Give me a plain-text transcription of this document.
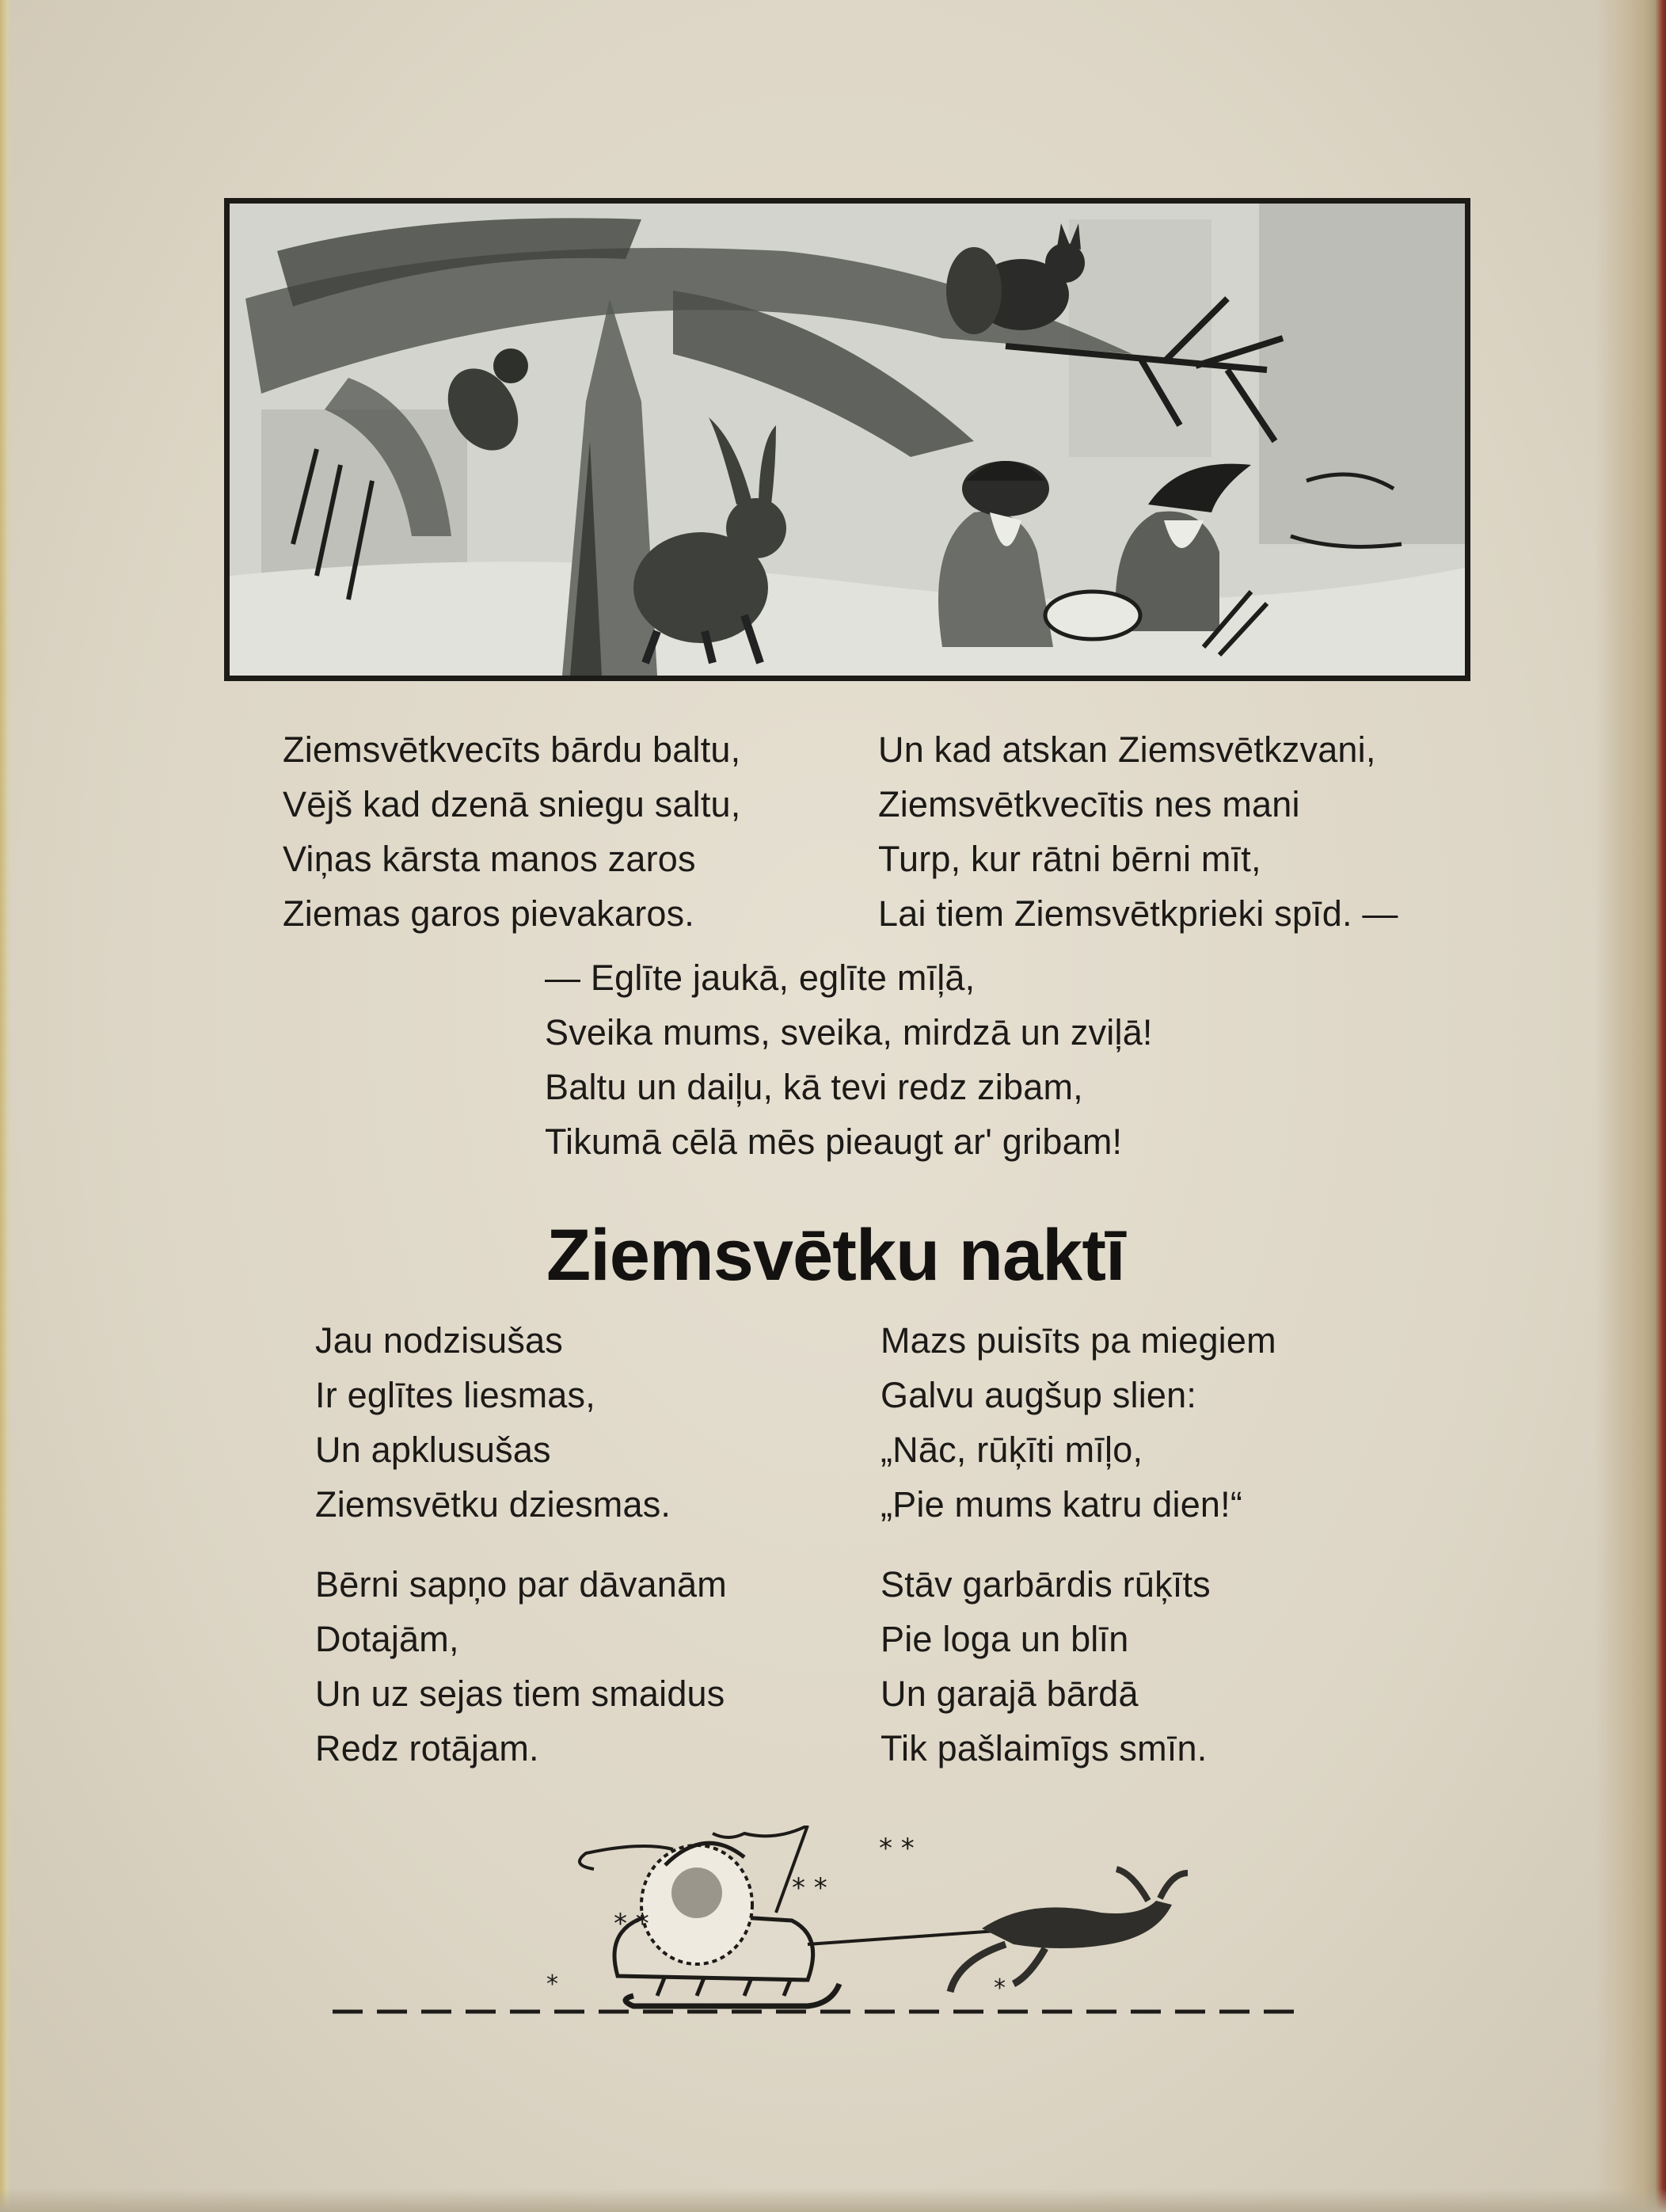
Ziemsvētkvecīts bārdu baltu,
Vējš kad dzenā sniegu saltu,
Viņas kārsta manos zaros
Ziemas garos pievakaros.
Un kad atskan Ziemsvētkzvani,
Ziemsvētkvecītis nes mani
Turp, kur rātni bērni mīt,
Lai tiem Ziemsvētkprieki spīd. —
— Eglīte jaukā, eglīte mīļā,
Sveika mums, sveika, mirdzā un zviļā!
Baltu un daiļu, kā tevi redz zibam,
Tikumā cēlā mēs pieaugt ar' gribam!
Ziemsvētku naktī
Jau nodzisušas
Ir eglītes liesmas,
Un apklusušas
Ziemsvētku dziesmas.
Mazs puisīts pa miegiem
Galvu augšup slien:
„Nāc, rūķīti mīļo,
„Pie mums katru dien!“
Bērni sapņo par dāvanām
Dotajām,
Un uz sejas tiem smaidus
Redz rotājam.
Stāv garbārdis rūķīts
Pie loga un blīn
Un garajā bārdā
Tik pašlaimīgs smīn.
* *
*
* *
* *
*
